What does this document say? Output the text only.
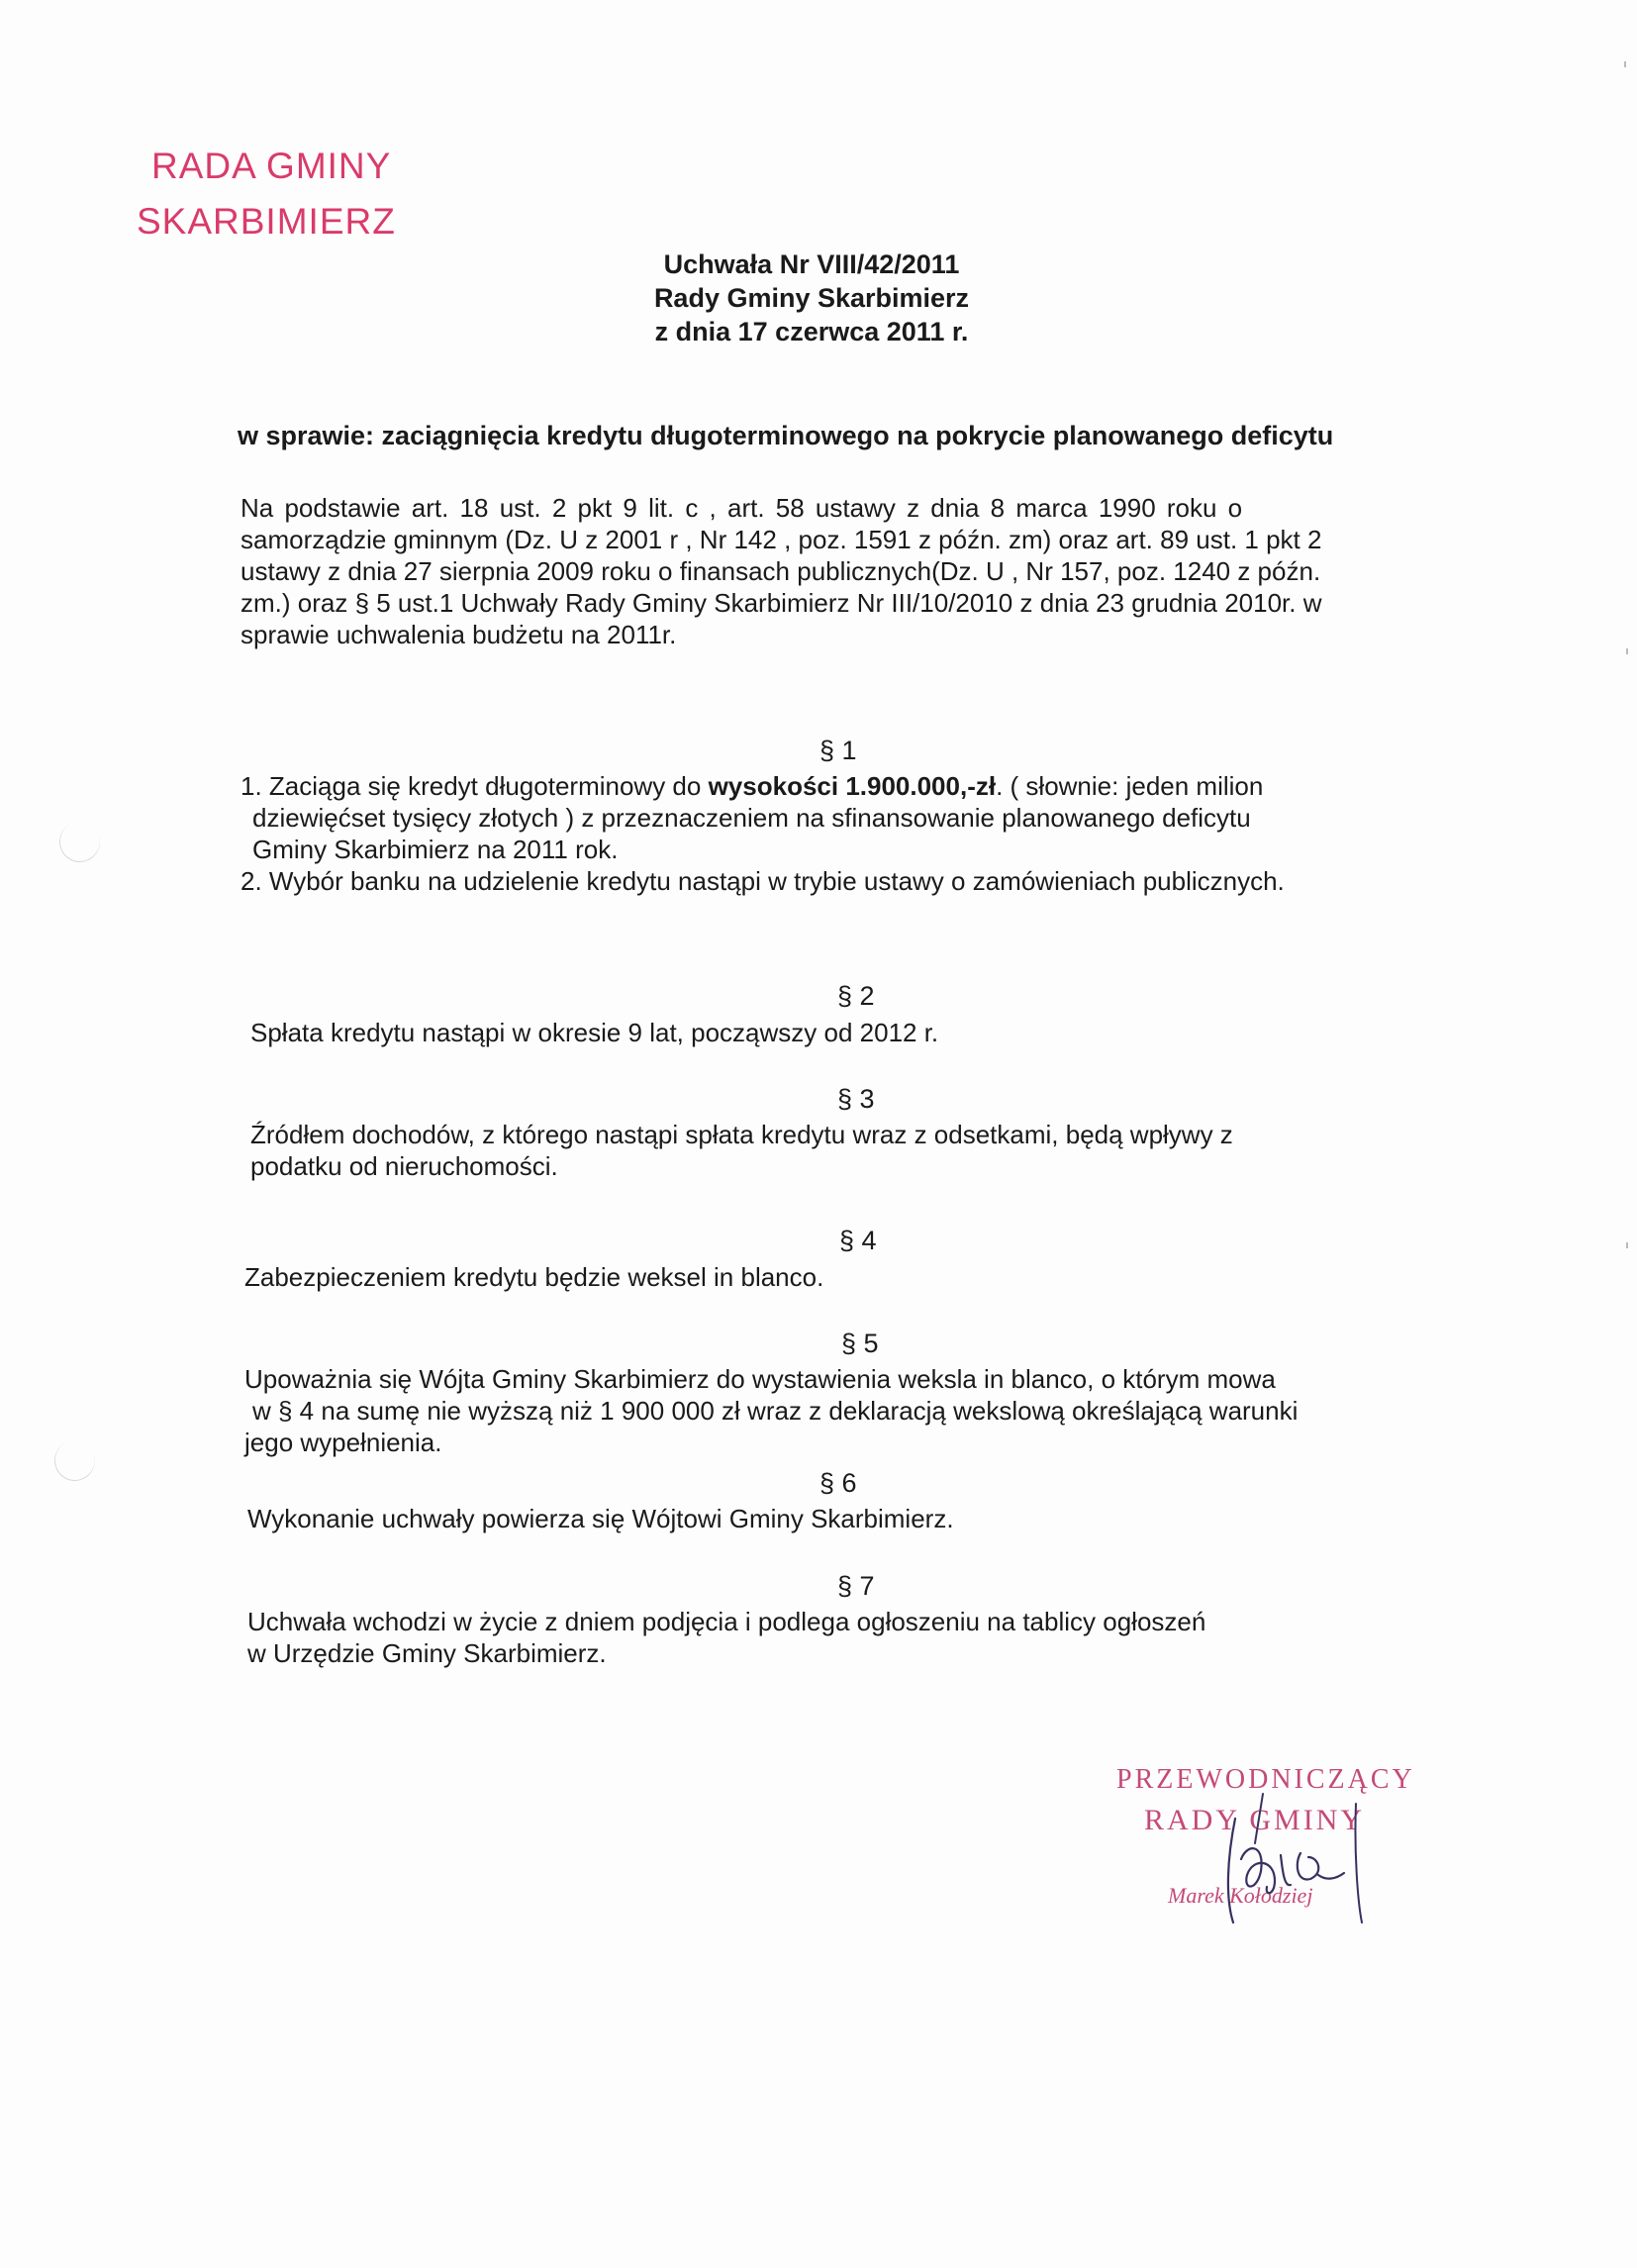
RADA GMINY
SKARBIMIERZ
Uchwała Nr VIII/42/2011
Rady Gminy Skarbimierz
z dnia 17 czerwca 2011 r.
w sprawie: zaciągnięcia kredytu długoterminowego na pokrycie planowanego deficytu
Na podstawie art. 18 ust. 2 pkt 9 lit. c , art. 58 ustawy z dnia 8 marca 1990 roku o
samorządzie gminnym (Dz. U z 2001 r , Nr 142 , poz. 1591 z późn. zm) oraz art. 89 ust. 1 pkt 2
ustawy z dnia 27 sierpnia 2009 roku o finansach publicznych(Dz. U , Nr 157, poz. 1240 z późn.
zm.) oraz § 5 ust.1 Uchwały Rady Gminy Skarbimierz Nr III/10/2010 z dnia 23 grudnia 2010r. w
sprawie uchwalenia budżetu na 2011r.
§ 1
1. Zaciąga się kredyt długoterminowy do wysokości 1.900.000,-zł. ( słownie: jeden milion
dziewięćset tysięcy złotych ) z przeznaczeniem na sfinansowanie planowanego deficytu
Gminy Skarbimierz na 2011 rok.
2. Wybór banku na udzielenie kredytu nastąpi w trybie ustawy o zamówieniach publicznych.
§ 2
Spłata kredytu nastąpi w okresie 9 lat, począwszy od 2012 r.
§ 3
Źródłem dochodów, z którego nastąpi spłata kredytu wraz z odsetkami, będą wpływy z
podatku od nieruchomości.
§ 4
Zabezpieczeniem kredytu będzie weksel in blanco.
§ 5
Upoważnia się Wójta Gminy Skarbimierz do wystawienia weksla in blanco, o którym mowa
w § 4 na sumę nie wyższą niż 1 900 000 zł wraz z deklaracją wekslową określającą warunki
jego wypełnienia.
§ 6
Wykonanie uchwały powierza się Wójtowi Gminy Skarbimierz.
§ 7
Uchwała wchodzi w życie z dniem podjęcia i podlega ogłoszeniu na tablicy ogłoszeń
w Urzędzie Gminy Skarbimierz.
PRZEWODNICZĄCY
RADY GMINY
Marek Kołodziej
